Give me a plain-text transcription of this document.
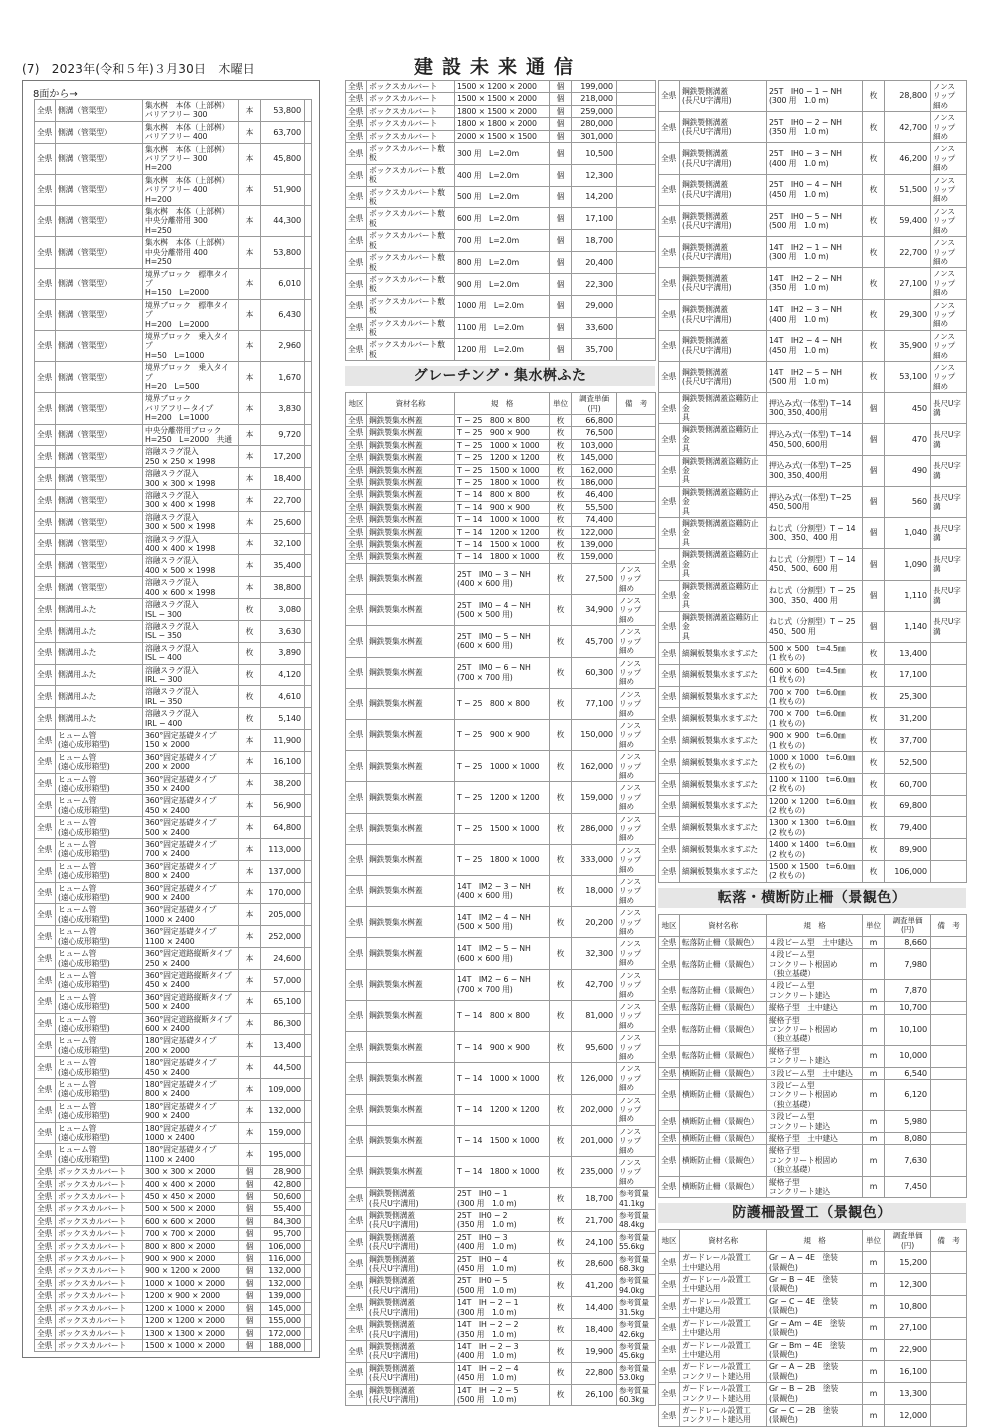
(7)　2023年(令和５年)３月30日　木曜日	建設未来通信
8面から→
全県	側溝（管渠型）	集水桝　本体（上部桝）
バリアフリー 300	本	53,800	
全県	側溝（管渠型）	集水桝　本体（上部桝）
バリアフリー 400	本	63,700	
全県	側溝（管渠型）	集水桝　本体（上部桝）
バリアフリー 300
H=200	本	45,800	
全県	側溝（管渠型）	集水桝　本体（上部桝）
バリアフリー 400
H=200	本	51,900	
全県	側溝（管渠型）	集水桝　本体（上部桝）
中央分離帯用 300
H=250	本	44,300	
全県	側溝（管渠型）	集水桝　本体（上部桝）
中央分離帯用 400
H=250	本	53,800	
全県	側溝（管渠型）	境界ブロック　標準タイプ
H=150　L=2000	本	6,010	
全県	側溝（管渠型）	境界ブロック　標準タイプ
H=200　L=2000	本	6,430	
全県	側溝（管渠型）	境界ブロック　乗入タイプ
H=50　L=1000	本	2,960	
全県	側溝（管渠型）	境界ブロック　乗入タイプ
H=20　L=500	本	1,670	
全県	側溝（管渠型）	境界ブロック
バリアフリータイプ
H=200　L=1000	本	3,830	
全県	側溝（管渠型）	中央分離帯用ブロック
H=250　L=2000　共通	本	9,720	
全県	側溝（管渠型）	溶融スラグ混入
250 × 250 × 1998	本	17,200	
全県	側溝（管渠型）	溶融スラグ混入
300 × 300 × 1998	本	18,400	
全県	側溝（管渠型）	溶融スラグ混入
300 × 400 × 1998	本	22,700	
全県	側溝（管渠型）	溶融スラグ混入
300 × 500 × 1998	本	25,600	
全県	側溝（管渠型）	溶融スラグ混入
400 × 400 × 1998	本	32,100	
全県	側溝（管渠型）	溶融スラグ混入
400 × 500 × 1998	本	35,400	
全県	側溝（管渠型）	溶融スラグ混入
400 × 600 × 1998	本	38,800	
全県	側溝用ふた	溶融スラグ混入
ISL − 300	枚	3,080	
全県	側溝用ふた	溶融スラグ混入
ISL − 350	枚	3,630	
全県	側溝用ふた	溶融スラグ混入
ISL − 400	枚	3,890	
全県	側溝用ふた	溶融スラグ混入
IRL − 300	枚	4,120	
全県	側溝用ふた	溶融スラグ混入
IRL − 350	枚	4,610	
全県	側溝用ふた	溶融スラグ混入
IRL − 400	枚	5,140	
全県	ヒューム管
(遠心成形箱型)	360°固定基礎タイプ
150 × 2000	本	11,900	
全県	ヒューム管
(遠心成形箱型)	360°固定基礎タイプ
200 × 2000	本	16,100	
全県	ヒューム管
(遠心成形箱型)	360°固定基礎タイプ
350 × 2400	本	38,200	
全県	ヒューム管
(遠心成形箱型)	360°固定基礎タイプ
450 × 2400	本	56,900	
全県	ヒューム管
(遠心成形箱型)	360°固定基礎タイプ
500 × 2400	本	64,800	
全県	ヒューム管
(遠心成形箱型)	360°固定基礎タイプ
700 × 2400	本	113,000	
全県	ヒューム管
(遠心成形箱型)	360°固定基礎タイプ
800 × 2400	本	137,000	
全県	ヒューム管
(遠心成形箱型)	360°固定基礎タイプ
900 × 2400	本	170,000	
全県	ヒューム管
(遠心成形箱型)	360°固定基礎タイプ
1000 × 2400	本	205,000	
全県	ヒューム管
(遠心成形箱型)	360°固定基礎タイプ
1100 × 2400	本	252,000	
全県	ヒューム管
(遠心成形箱型)	360°固定道路縦断タイプ
250 × 2400	本	24,600	
全県	ヒューム管
(遠心成形箱型)	360°固定道路縦断タイプ
450 × 2400	本	57,000	
全県	ヒューム管
(遠心成形箱型)	360°固定道路縦断タイプ
500 × 2400	本	65,100	
全県	ヒューム管
(遠心成形箱型)	360°固定道路縦断タイプ
600 × 2400	本	86,300	
全県	ヒューム管
(遠心成形箱型)	180°固定基礎タイプ
200 × 2000	本	13,400	
全県	ヒューム管
(遠心成形箱型)	180°固定基礎タイプ
450 × 2400	本	44,500	
全県	ヒューム管
(遠心成形箱型)	180°固定基礎タイプ
800 × 2400	本	109,000	
全県	ヒューム管
(遠心成形箱型)	180°固定基礎タイプ
900 × 2400	本	132,000	
全県	ヒューム管
(遠心成形箱型)	180°固定基礎タイプ
1000 × 2400	本	159,000	
全県	ヒューム管
(遠心成形箱型)	180°固定基礎タイプ
1100 × 2400	本	195,000	
全県	ボックスカルバート	300 × 300 × 2000	個	28,900	
全県	ボックスカルバート	400 × 400 × 2000	個	42,800	
全県	ボックスカルバート	450 × 450 × 2000	個	50,600	
全県	ボックスカルバート	500 × 500 × 2000	個	55,400	
全県	ボックスカルバート	600 × 600 × 2000	個	84,300	
全県	ボックスカルバート	700 × 700 × 2000	個	95,700	
全県	ボックスカルバート	800 × 800 × 2000	個	106,000	
全県	ボックスカルバート	900 × 900 × 2000	個	116,000	
全県	ボックスカルバート	900 × 1200 × 2000	個	132,000	
全県	ボックスカルバート	1000 × 1000 × 2000	個	132,000	
全県	ボックスカルバート	1200 × 900 × 2000	個	139,000	
全県	ボックスカルバート	1200 × 1000 × 2000	個	145,000	
全県	ボックスカルバート	1200 × 1200 × 2000	個	155,000	
全県	ボックスカルバート	1300 × 1300 × 2000	個	172,000	
全県	ボックスカルバート	1500 × 1000 × 2000	個	188,000	
全県	ボックスカルバート	1500 × 1200 × 2000	個	199,000	
全県	ボックスカルバート	1500 × 1500 × 2000	個	218,000	
全県	ボックスカルバート	1800 × 1500 × 2000	個	259,000	
全県	ボックスカルバート	1800 × 1800 × 2000	個	280,000	
全県	ボックスカルバート	2000 × 1500 × 1500	個	301,000	
全県	ボックスカルバート敷板	300 用　L=2.0m	個	10,500	
全県	ボックスカルバート敷板	400 用　L=2.0m	個	12,300	
全県	ボックスカルバート敷板	500 用　L=2.0m	個	14,200	
全県	ボックスカルバート敷板	600 用　L=2.0m	個	17,100	
全県	ボックスカルバート敷板	700 用　L=2.0m	個	18,700	
全県	ボックスカルバート敷板	800 用　L=2.0m	個	20,400	
全県	ボックスカルバート敷板	900 用　L=2.0m	個	22,300	
全県	ボックスカルバート敷板	1000 用　L=2.0m	個	29,000	
全県	ボックスカルバート敷板	1100 用　L=2.0m	個	33,600	
全県	ボックスカルバート敷板	1200 用　L=2.0m	個	35,700	
グレーチング・集水桝ふた
地区	資材名称	規　格	単位	調査単価
(円)	備　考
全県	鋼鉄製集水桝蓋	T − 25　800 × 800	枚	66,800	
全県	鋼鉄製集水桝蓋	T − 25　900 × 900	枚	76,500	
全県	鋼鉄製集水桝蓋	T − 25　1000 × 1000	枚	103,000	
全県	鋼鉄製集水桝蓋	T − 25　1200 × 1200	枚	145,000	
全県	鋼鉄製集水桝蓋	T − 25　1500 × 1000	枚	162,000	
全県	鋼鉄製集水桝蓋	T − 25　1800 × 1000	枚	186,000	
全県	鋼鉄製集水桝蓋	T − 14　800 × 800	枚	46,400	
全県	鋼鉄製集水桝蓋	T − 14　900 × 900	枚	55,500	
全県	鋼鉄製集水桝蓋	T − 14　1000 × 1000	枚	74,400	
全県	鋼鉄製集水桝蓋	T − 14　1200 × 1200	枚	122,000	
全県	鋼鉄製集水桝蓋	T − 14　1500 × 1000	枚	139,000	
全県	鋼鉄製集水桝蓋	T − 14　1800 × 1000	枚	159,000	
全県	鋼鉄製集水桝蓋	25T　IM0 − 3 − NH
(400 × 600 用)	枚	27,500	ノンス
リップ
細め
全県	鋼鉄製集水桝蓋	25T　IM0 − 4 − NH
(500 × 500 用)	枚	34,900	ノンス
リップ
細め
全県	鋼鉄製集水桝蓋	25T　IM0 − 5 − NH
(600 × 600 用)	枚	45,700	ノンス
リップ
細め
全県	鋼鉄製集水桝蓋	25T　IM0 − 6 − NH
(700 × 700 用)	枚	60,300	ノンス
リップ
細め
全県	鋼鉄製集水桝蓋	T − 25　800 × 800	枚	77,100	ノンス
リップ
細め
全県	鋼鉄製集水桝蓋	T − 25　900 × 900	枚	150,000	ノンス
リップ
細め
全県	鋼鉄製集水桝蓋	T − 25　1000 × 1000	枚	162,000	ノンス
リップ
細め
全県	鋼鉄製集水桝蓋	T − 25　1200 × 1200	枚	159,000	ノンス
リップ
細め
全県	鋼鉄製集水桝蓋	T − 25　1500 × 1000	枚	286,000	ノンス
リップ
細め
全県	鋼鉄製集水桝蓋	T − 25　1800 × 1000	枚	333,000	ノンス
リップ
細め
全県	鋼鉄製集水桝蓋	14T　IM2 − 3 − NH
(400 × 600 用)	枚	18,000	ノンス
リップ
細め
全県	鋼鉄製集水桝蓋	14T　IM2 − 4 − NH
(500 × 500 用)	枚	20,200	ノンス
リップ
細め
全県	鋼鉄製集水桝蓋	14T　IM2 − 5 − NH
(600 × 600 用)	枚	32,300	ノンス
リップ
細め
全県	鋼鉄製集水桝蓋	14T　IM2 − 6 − NH
(700 × 700 用)	枚	42,700	ノンス
リップ
細め
全県	鋼鉄製集水桝蓋	T − 14　800 × 800	枚	81,000	ノンス
リップ
細め
全県	鋼鉄製集水桝蓋	T − 14　900 × 900	枚	95,600	ノンス
リップ
細め
全県	鋼鉄製集水桝蓋	T − 14　1000 × 1000	枚	126,000	ノンス
リップ
細め
全県	鋼鉄製集水桝蓋	T − 14　1200 × 1200	枚	202,000	ノンス
リップ
細め
全県	鋼鉄製集水桝蓋	T − 14　1500 × 1000	枚	201,000	ノンス
リップ
細め
全県	鋼鉄製集水桝蓋	T − 14　1800 × 1000	枚	235,000	ノンス
リップ
細め
全県	鋼鉄製側溝蓋
(長尺U字溝用)	25T　IH0 − 1
(300 用　1.0 m)	枚	18,700	参考質量
41.1kg
全県	鋼鉄製側溝蓋
(長尺U字溝用)	25T　IH0 − 2
(350 用　1.0 m)	枚	21,700	参考質量
48.4kg
全県	鋼鉄製側溝蓋
(長尺U字溝用)	25T　IH0 − 3
(400 用　1.0 m)	枚	24,100	参考質量
55.6kg
全県	鋼鉄製側溝蓋
(長尺U字溝用)	25T　IH0 − 4
(450 用　1.0 m)	枚	28,600	参考質量
68.3kg
全県	鋼鉄製側溝蓋
(長尺U字溝用)	25T　IH0 − 5
(500 用　1.0 m)	枚	41,200	参考質量
94.0kg
全県	鋼鉄製側溝蓋
(長尺U字溝用)	14T　IH − 2 − 1
(300 用　1.0 m)	枚	14,400	参考質量
31.5kg
全県	鋼鉄製側溝蓋
(長尺U字溝用)	14T　IH − 2 − 2
(350 用　1.0 m)	枚	18,400	参考質量
42.6kg
全県	鋼鉄製側溝蓋
(長尺U字溝用)	14T　IH − 2 − 3
(400 用　1.0 m)	枚	19,900	参考質量
45.6kg
全県	鋼鉄製側溝蓋
(長尺U字溝用)	14T　IH − 2 − 4
(450 用　1.0 m)	枚	22,800	参考質量
53.0kg
全県	鋼鉄製側溝蓋
(長尺U字溝用)	14T　IH − 2 − 5
(500 用　1.0 m)	枚	26,100	参考質量
60.3kg
全県	鋼鉄製側溝蓋
(長尺U字溝用)	25T　IH0 − 1 − NH
(300 用　1.0 m)	枚	28,800	ノンス
リップ
細め
全県	鋼鉄製側溝蓋
(長尺U字溝用)	25T　IH0 − 2 − NH
(350 用　1.0 m)	枚	42,700	ノンス
リップ
細め
全県	鋼鉄製側溝蓋
(長尺U字溝用)	25T　IH0 − 3 − NH
(400 用　1.0 m)	枚	46,200	ノンス
リップ
細め
全県	鋼鉄製側溝蓋
(長尺U字溝用)	25T　IH0 − 4 − NH
(450 用　1.0 m)	枚	51,500	ノンス
リップ
細め
全県	鋼鉄製側溝蓋
(長尺U字溝用)	25T　IH0 − 5 − NH
(500 用　1.0 m)	枚	59,400	ノンス
リップ
細め
全県	鋼鉄製側溝蓋
(長尺U字溝用)	14T　IH2 − 1 − NH
(300 用　1.0 m)	枚	22,700	ノンス
リップ
細め
全県	鋼鉄製側溝蓋
(長尺U字溝用)	14T　IH2 − 2 − NH
(350 用　1.0 m)	枚	27,100	ノンス
リップ
細め
全県	鋼鉄製側溝蓋
(長尺U字溝用)	14T　IH2 − 3 − NH
(400 用　1.0 m)	枚	29,300	ノンス
リップ
細め
全県	鋼鉄製側溝蓋
(長尺U字溝用)	14T　IH2 − 4 − NH
(450 用　1.0 m)	枚	35,900	ノンス
リップ
細め
全県	鋼鉄製側溝蓋
(長尺U字溝用)	14T　IH2 − 5 − NH
(500 用　1.0 m)	枚	53,100	ノンス
リップ
細め
全県	鋼鉄製側溝蓋盗難防止金
具	押込み式(一体型) T−14
300､350､400用	個	450	長尺U字
溝
全県	鋼鉄製側溝蓋盗難防止金
具	押込み式(一体型) T−14
450､500､600用	個	470	長尺U字
溝
全県	鋼鉄製側溝蓋盗難防止金
具	押込み式(一体型) T−25
300､350､400用	個	490	長尺U字
溝
全県	鋼鉄製側溝蓋盗難防止金
具	押込み式(一体型) T−25
450､500用	個	560	長尺U字
溝
全県	鋼鉄製側溝蓋盗難防止金
具	ねじ式（分割型）T − 14
300、350、400 用	個	1,040	長尺U字
溝
全県	鋼鉄製側溝蓋盗難防止金
具	ねじ式（分割型）T − 14
450、500、600 用	個	1,090	長尺U字
溝
全県	鋼鉄製側溝蓋盗難防止金
具	ねじ式（分割型）T − 25
300、350、400 用	個	1,110	長尺U字
溝
全県	鋼鉄製側溝蓋盗難防止金
具	ねじ式（分割型）T − 25
450、500 用	個	1,140	長尺U字
溝
全県	縞鋼板製集水ますぶた	500 × 500　t=4.5㎜
(1 枚もの)	枚	13,400	
全県	縞鋼板製集水ますぶた	600 × 600　t=4.5㎜
(1 枚もの)	枚	17,100	
全県	縞鋼板製集水ますぶた	700 × 700　t=6.0㎜
(1 枚もの)	枚	25,300	
全県	縞鋼板製集水ますぶた	700 × 700　t=6.0㎜
(1 枚もの)	枚	31,200	
全県	縞鋼板製集水ますぶた	900 × 900　t=6.0㎜
(1 枚もの)	枚	37,700	
全県	縞鋼板製集水ますぶた	1000 × 1000　t=6.0㎜
(2 枚もの)	枚	52,500	
全県	縞鋼板製集水ますぶた	1100 × 1100　t=6.0㎜
(2 枚もの)	枚	60,700	
全県	縞鋼板製集水ますぶた	1200 × 1200　t=6.0㎜
(2 枚もの)	枚	69,800	
全県	縞鋼板製集水ますぶた	1300 × 1300　t=6.0㎜
(2 枚もの)	枚	79,400	
全県	縞鋼板製集水ますぶた	1400 × 1400　t=6.0㎜
(2 枚もの)	枚	89,900	
全県	縞鋼板製集水ますぶた	1500 × 1500　t=6.0㎜
(2 枚もの)	枚	106,000	
転落・横断防止柵（景観色）
地区	資材名称	規　格	単位	調査単価
(円)	備　考
全県	転落防止柵（景観色）	４段ビーム型　土中建込	m	8,660	
全県	転落防止柵（景観色）	４段ビーム型
コンクリート根固め
（独立基礎）	m	7,980	
全県	転落防止柵（景観色）	４段ビーム型
コンクリート建込	m	7,870	
全県	転落防止柵（景観色）	縦格子型　土中建込	m	10,700	
全県	転落防止柵（景観色）	縦格子型
コンクリート根固め
（独立基礎）	m	10,100	
全県	転落防止柵（景観色）	縦格子型
コンクリート建込	m	10,000	
全県	横断防止柵（景観色）	３段ビーム型　土中建込	m	6,540	
全県	横断防止柵（景観色）	３段ビーム型
コンクリート根固め
（独立基礎）	m	6,120	
全県	横断防止柵（景観色）	３段ビーム型
コンクリート建込	m	5,980	
全県	横断防止柵（景観色）	縦格子型　土中建込	m	8,080	
全県	横断防止柵（景観色）	縦格子型
コンクリート根固め
（独立基礎）	m	7,630	
全県	横断防止柵（景観色）	縦格子型
コンクリート建込	m	7,450	
防護柵設置工（景観色）
地区	資材名称	規　格	単位	調査単価
(円)	備　考
全県	ガードレール設置工
土中建込用	Gr − A − 4E　塗装
(景観色)	m	15,200	
全県	ガードレール設置工
土中建込用	Gr − B − 4E　塗装
(景観色)	m	12,300	
全県	ガードレール設置工
土中建込用	Gr − C − 4E　塗装
(景観色)	m	10,800	
全県	ガードレール設置工
土中建込用	Gr − Am − 4E　塗装
(景観色)	m	27,100	
全県	ガードレール設置工
土中建込用	Gr − Bm − 4E　塗装
(景観色)	m	22,900	
全県	ガードレール設置工
コンクリート建込用	Gr − A − 2B　塗装
(景観色)	m	16,100	
全県	ガードレール設置工
コンクリート建込用	Gr − B − 2B　塗装
(景観色)	m	13,300	
全県	ガードレール設置工
コンクリート建込用	Gr − C − 2B　塗装
(景観色)	m	12,000	
